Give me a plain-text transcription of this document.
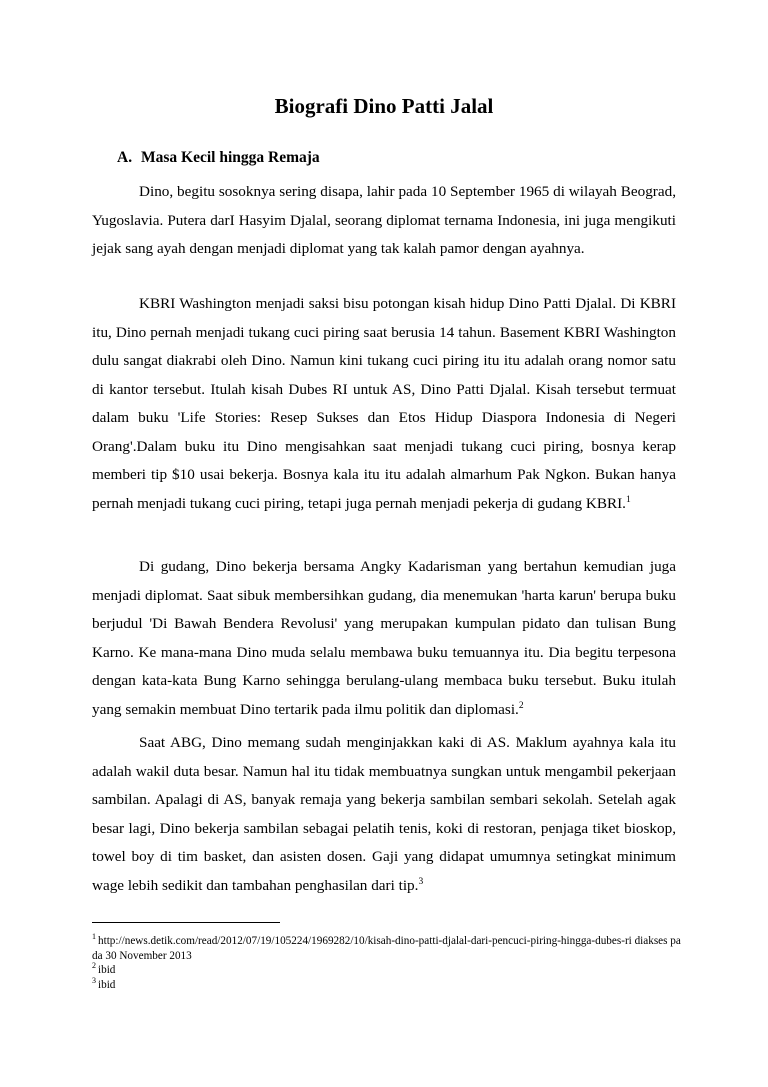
Biografi Dino Patti Jalal
A. Masa Kecil hingga Remaja

Dino, begitu sosoknya sering disapa, lahir pada 10 September 1965 di wilayah Beograd, Yugoslavia. Putera darI Hasyim Djalal, seorang diplomat ternama Indonesia, ini juga mengikuti jejak sang ayah dengan menjadi diplomat yang tak kalah pamor dengan ayahnya.

KBRI Washington menjadi saksi bisu potongan kisah hidup Dino Patti Djalal. Di KBRI itu, Dino pernah menjadi tukang cuci piring saat berusia 14 tahun. Basement KBRI Washington dulu sangat diakrabi oleh Dino. Namun kini tukang cuci piring itu itu adalah orang nomor satu di kantor tersebut. Itulah kisah Dubes RI untuk AS, Dino Patti Djalal. Kisah tersebut termuat dalam buku 'Life Stories: Resep Sukses dan Etos Hidup Diaspora Indonesia di Negeri Orang'.Dalam buku itu Dino mengisahkan saat menjadi tukang cuci piring, bosnya kerap memberi tip $10 usai bekerja. Bosnya kala itu itu adalah almarhum Pak Ngkon. Bukan hanya pernah menjadi tukang cuci piring, tetapi juga pernah menjadi pekerja di gudang KBRI.$^1$

Di gudang, Dino bekerja bersama Angky Kadarisman yang bertahun kemudian juga menjadi diplomat. Saat sibuk membersihkan gudang, dia menemukan 'harta karun' berupa buku berjudul 'Di Bawah Bendera Revolusi' yang merupakan kumpulan pidato dan tulisan Bung Karno. Ke mana-mana Dino muda selalu membawa buku temuannya itu. Dia begitu terpesona dengan kata-kata Bung Karno sehingga berulang-ulang membaca buku tersebut. Buku itulah yang semakin membuat Dino tertarik pada ilmu politik dan diplomasi.$^2$

Saat ABG, Dino memang sudah menginjakkan kaki di AS. Maklum ayahnya kala itu adalah wakil duta besar. Namun hal itu tidak membuatnya sungkan untuk mengambil pekerjaan sambilan. Apalagi di AS, banyak remaja yang bekerja sambilan sembari sekolah. Setelah agak besar lagi, Dino bekerja sambilan sebagai pelatih tenis, koki di restoran, penjaga tiket bioskop, towel boy di tim basket, dan asisten dosen. Gaji yang didapat umumnya setingkat minimum wage lebih sedikit dan tambahan penghasilan dari tip.$^3$

$^1$ http://news.detik.com/read/2012/07/19/105224/1969282/10/kisah-dino-patti-djalal-dari-pencuci-piring-hingga-dubes-ri diakses pada 30 November 2013

$^2$ ibid

$^3$ ibid
